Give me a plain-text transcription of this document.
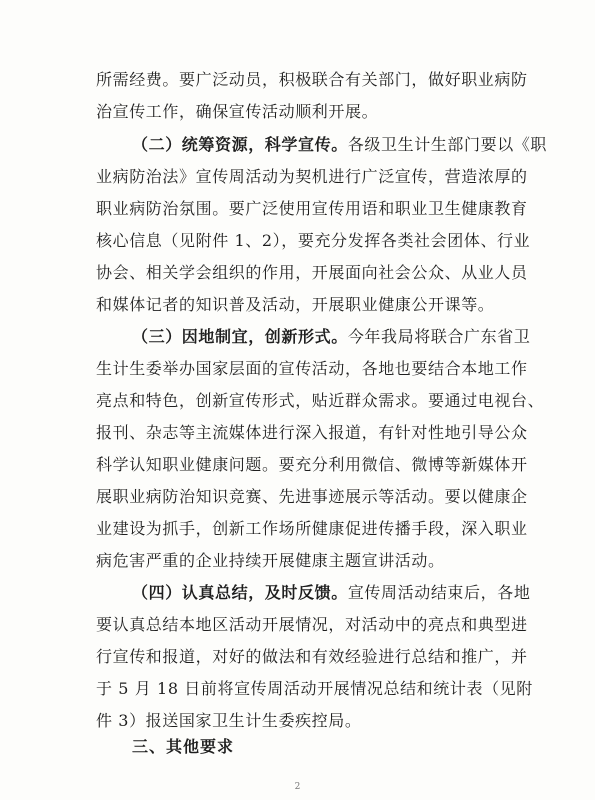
所需经费。要广泛动员，积极联合有关部门，做好职业病防
治宣传工作，确保宣传活动顺利开展。
（二）统筹资源，科学宣传。各级卫生计生部门要以《职
业病防治法》宣传周活动为契机进行广泛宣传，营造浓厚的
职业病防治氛围。要广泛使用宣传用语和职业卫生健康教育
核心信息（见附件 1、2），要充分发挥各类社会团体、行业
协会、相关学会组织的作用，开展面向社会公众、从业人员
和媒体记者的知识普及活动，开展职业健康公开课等。
（三）因地制宜，创新形式。今年我局将联合广东省卫
生计生委举办国家层面的宣传活动，各地也要结合本地工作
亮点和特色，创新宣传形式，贴近群众需求。要通过电视台、
报刊、杂志等主流媒体进行深入报道，有针对性地引导公众
科学认知职业健康问题。要充分利用微信、微博等新媒体开
展职业病防治知识竞赛、先进事迹展示等活动。要以健康企
业建设为抓手，创新工作场所健康促进传播手段，深入职业
病危害严重的企业持续开展健康主题宣讲活动。
（四）认真总结，及时反馈。宣传周活动结束后，各地
要认真总结本地区活动开展情况，对活动中的亮点和典型进
行宣传和报道，对好的做法和有效经验进行总结和推广，并
于 5 月 18 日前将宣传周活动开展情况总结和统计表（见附
件 3）报送国家卫生计生委疾控局。
三、其他要求
2
